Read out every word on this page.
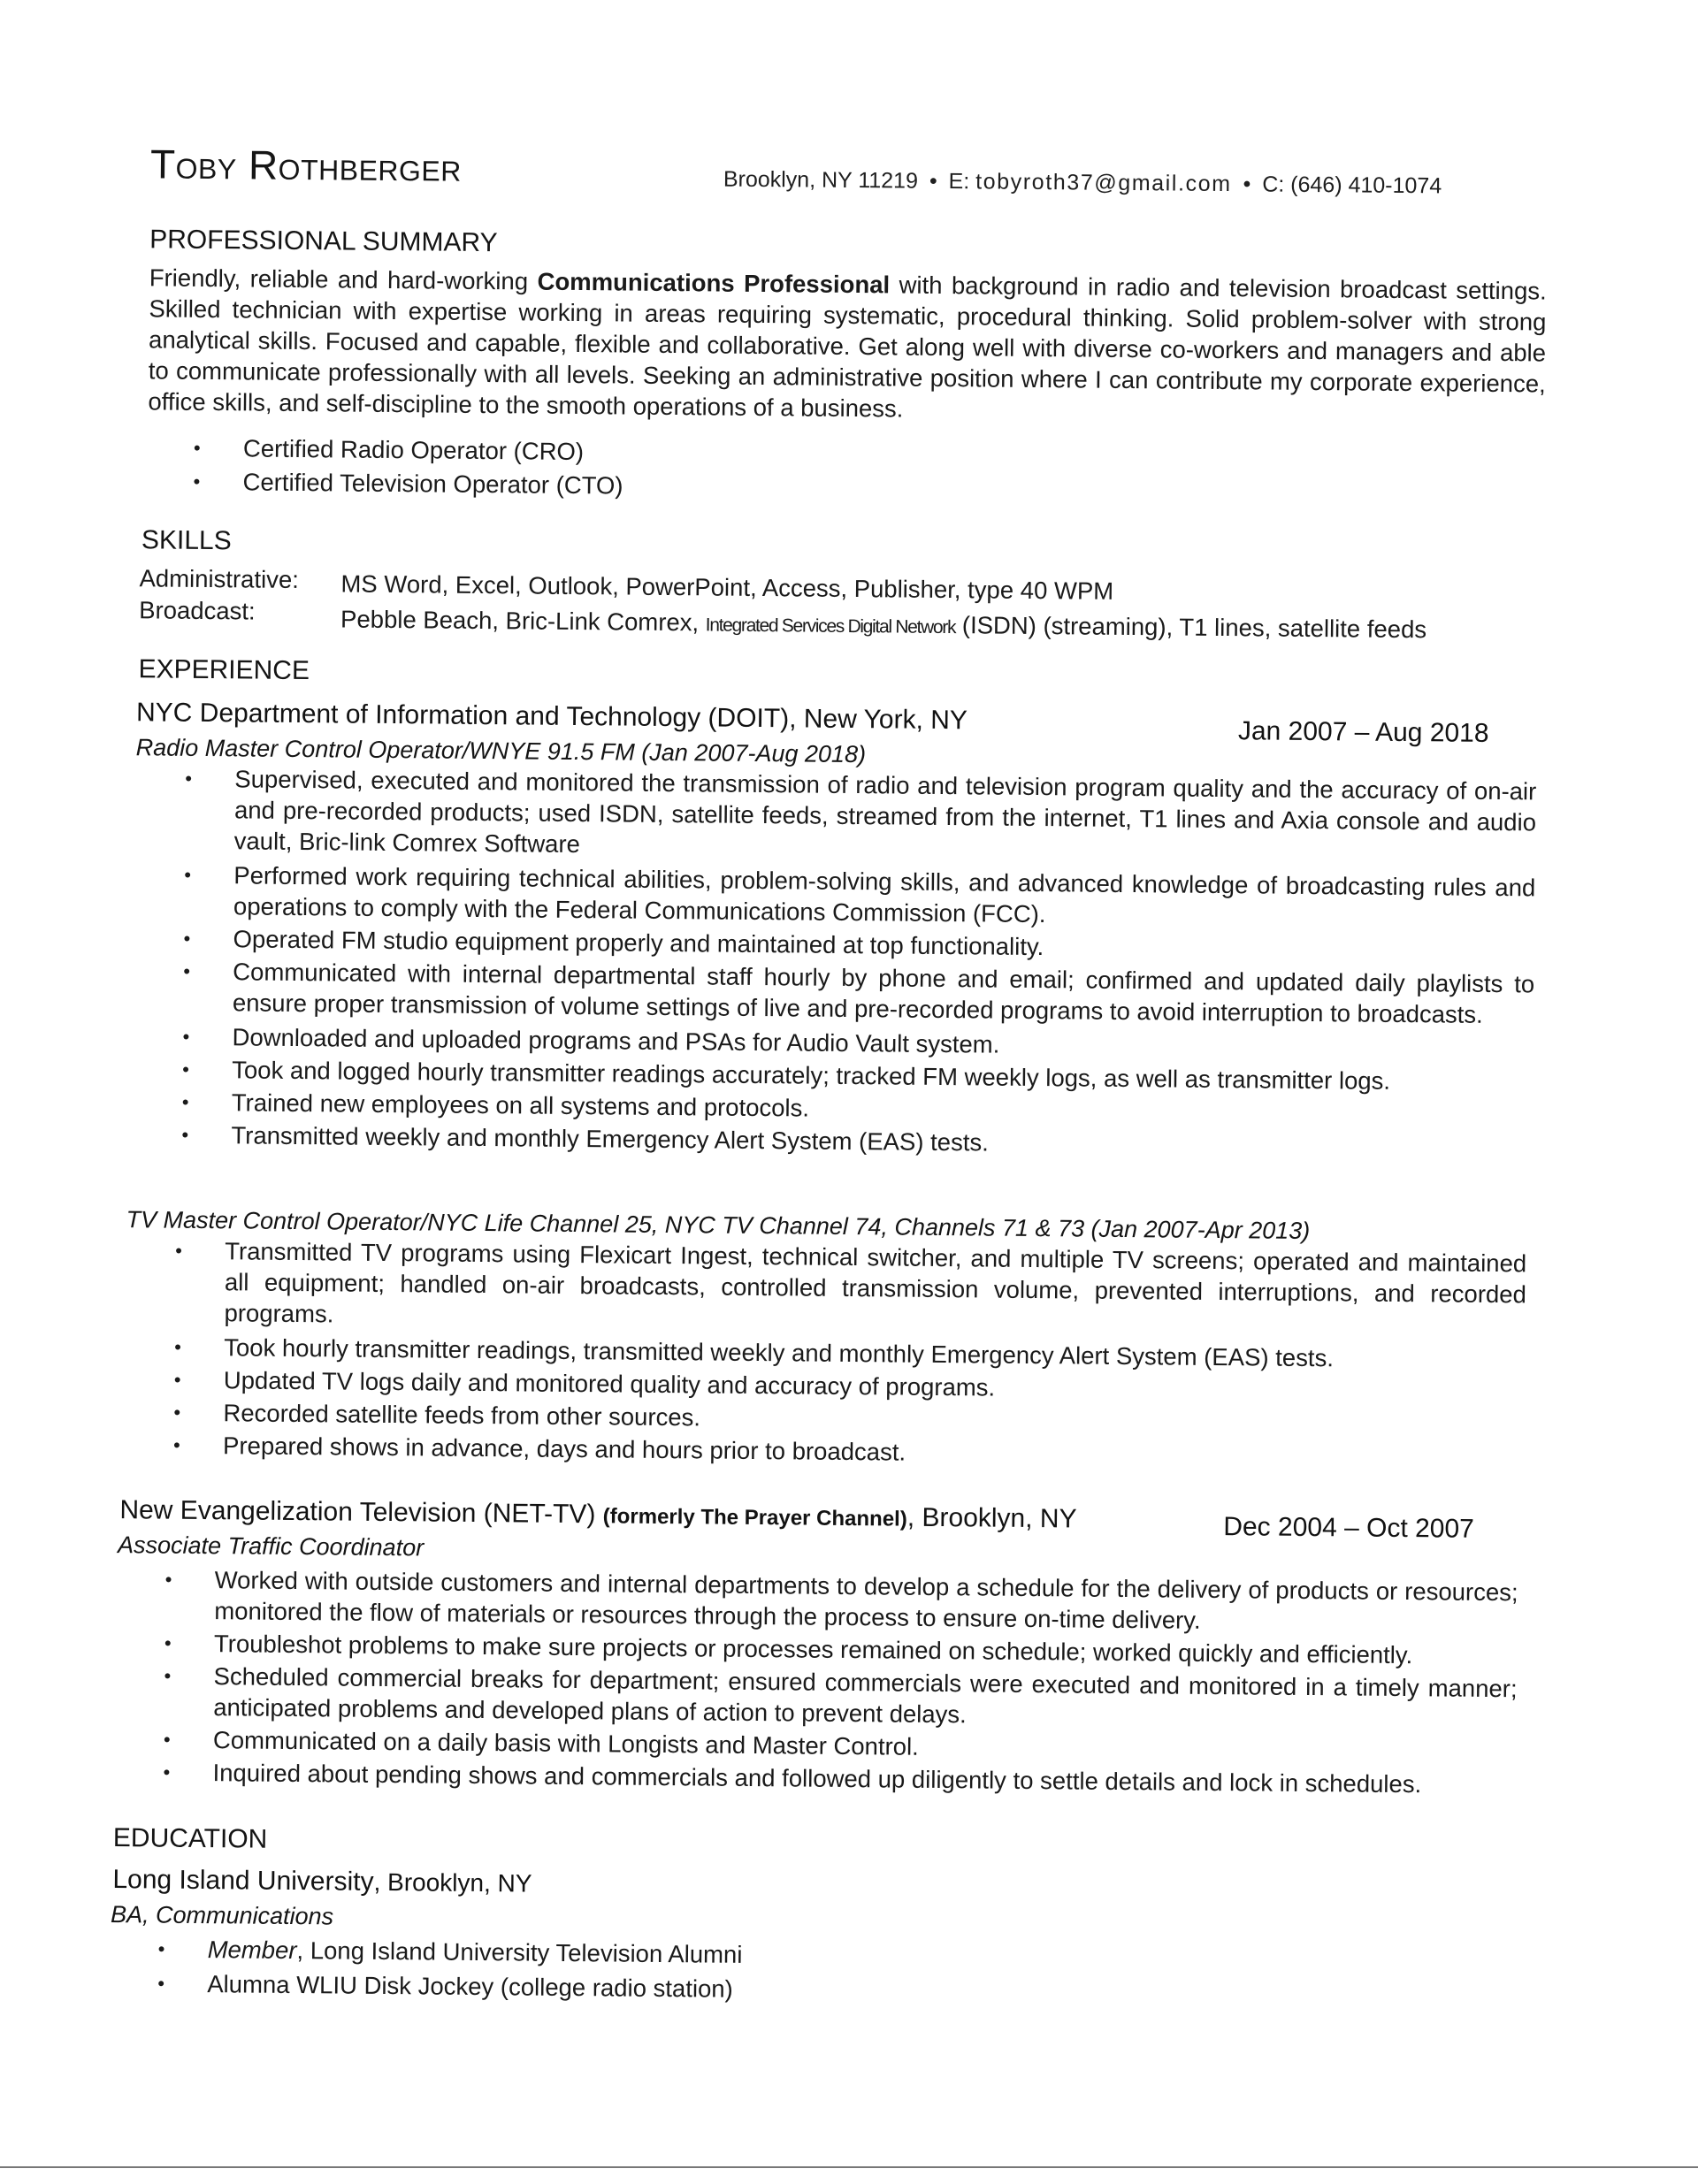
Toby Rothberger	Brooklyn, NY 11219 • E: tobyroth37@gmail.com • C: (646) 410-1074
PROFESSIONAL SUMMARY
Friendly, reliable and hard-working Communications Professional with background in radio and television broadcast settings. Skilled technician with expertise working in areas requiring systematic, procedural thinking. Solid problem-solver with strong analytical skills. Focused and capable, flexible and collaborative. Get along well with diverse co-workers and managers and able to communicate professionally with all levels. Seeking an administrative position where I can contribute my corporate experience, office skills, and self-discipline to the smooth operations of a business.
• Certified Radio Operator (CRO)
• Certified Television Operator (CTO)
SKILLS
Administrative: MS Word, Excel, Outlook, PowerPoint, Access, Publisher, type 40 WPM
Broadcast:	Pebble Beach, Bric-Link Comrex, Integrated Services Digital Network (ISDN) (streaming), T1 lines, satellite feeds
EXPERIENCE
NYC Department of Information and Technology (DOIT), New York, NY	Jan 2007 – Aug 2018
Radio Master Control Operator/WNYE 91.5 FM (Jan 2007-Aug 2018)
• Supervised, executed and monitored the transmission of radio and television program quality and the accuracy of on-air and pre-recorded products; used ISDN, satellite feeds, streamed from the internet, T1 lines and Axia console and audio vault, Bric-link Comrex Software
• Performed work requiring technical abilities, problem-solving skills, and advanced knowledge of broadcasting rules and operations to comply with the Federal Communications Commission (FCC).
• Operated FM studio equipment properly and maintained at top functionality.
• Communicated with internal departmental staff hourly by phone and email; confirmed and updated daily playlists to ensure proper transmission of volume settings of live and pre-recorded programs to avoid interruption to broadcasts.
• Downloaded and uploaded programs and PSAs for Audio Vault system.
• Took and logged hourly transmitter readings accurately; tracked FM weekly logs, as well as transmitter logs.
• Trained new employees on all systems and protocols.
• Transmitted weekly and monthly Emergency Alert System (EAS) tests.
TV Master Control Operator/NYC Life Channel 25, NYC TV Channel 74, Channels 71 & 73 (Jan 2007-Apr 2013)
• Transmitted TV programs using Flexicart Ingest, technical switcher, and multiple TV screens; operated and maintained all equipment; handled on-air broadcasts, controlled transmission volume, prevented interruptions, and recorded programs.
• Took hourly transmitter readings, transmitted weekly and monthly Emergency Alert System (EAS) tests.
• Updated TV logs daily and monitored quality and accuracy of programs.
• Recorded satellite feeds from other sources.
• Prepared shows in advance, days and hours prior to broadcast.
New Evangelization Television (NET-TV) (formerly The Prayer Channel), Brooklyn, NY	Dec 2004 – Oct 2007
Associate Traffic Coordinator
• Worked with outside customers and internal departments to develop a schedule for the delivery of products or resources; monitored the flow of materials or resources through the process to ensure on-time delivery.
• Troubleshot problems to make sure projects or processes remained on schedule; worked quickly and efficiently.
• Scheduled commercial breaks for department; ensured commercials were executed and monitored in a timely manner; anticipated problems and developed plans of action to prevent delays.
• Communicated on a daily basis with Longists and Master Control.
• Inquired about pending shows and commercials and followed up diligently to settle details and lock in schedules.
EDUCATION
Long Island University, Brooklyn, NY
BA, Communications
• Member, Long Island University Television Alumni
• Alumna WLIU Disk Jockey (college radio station)
